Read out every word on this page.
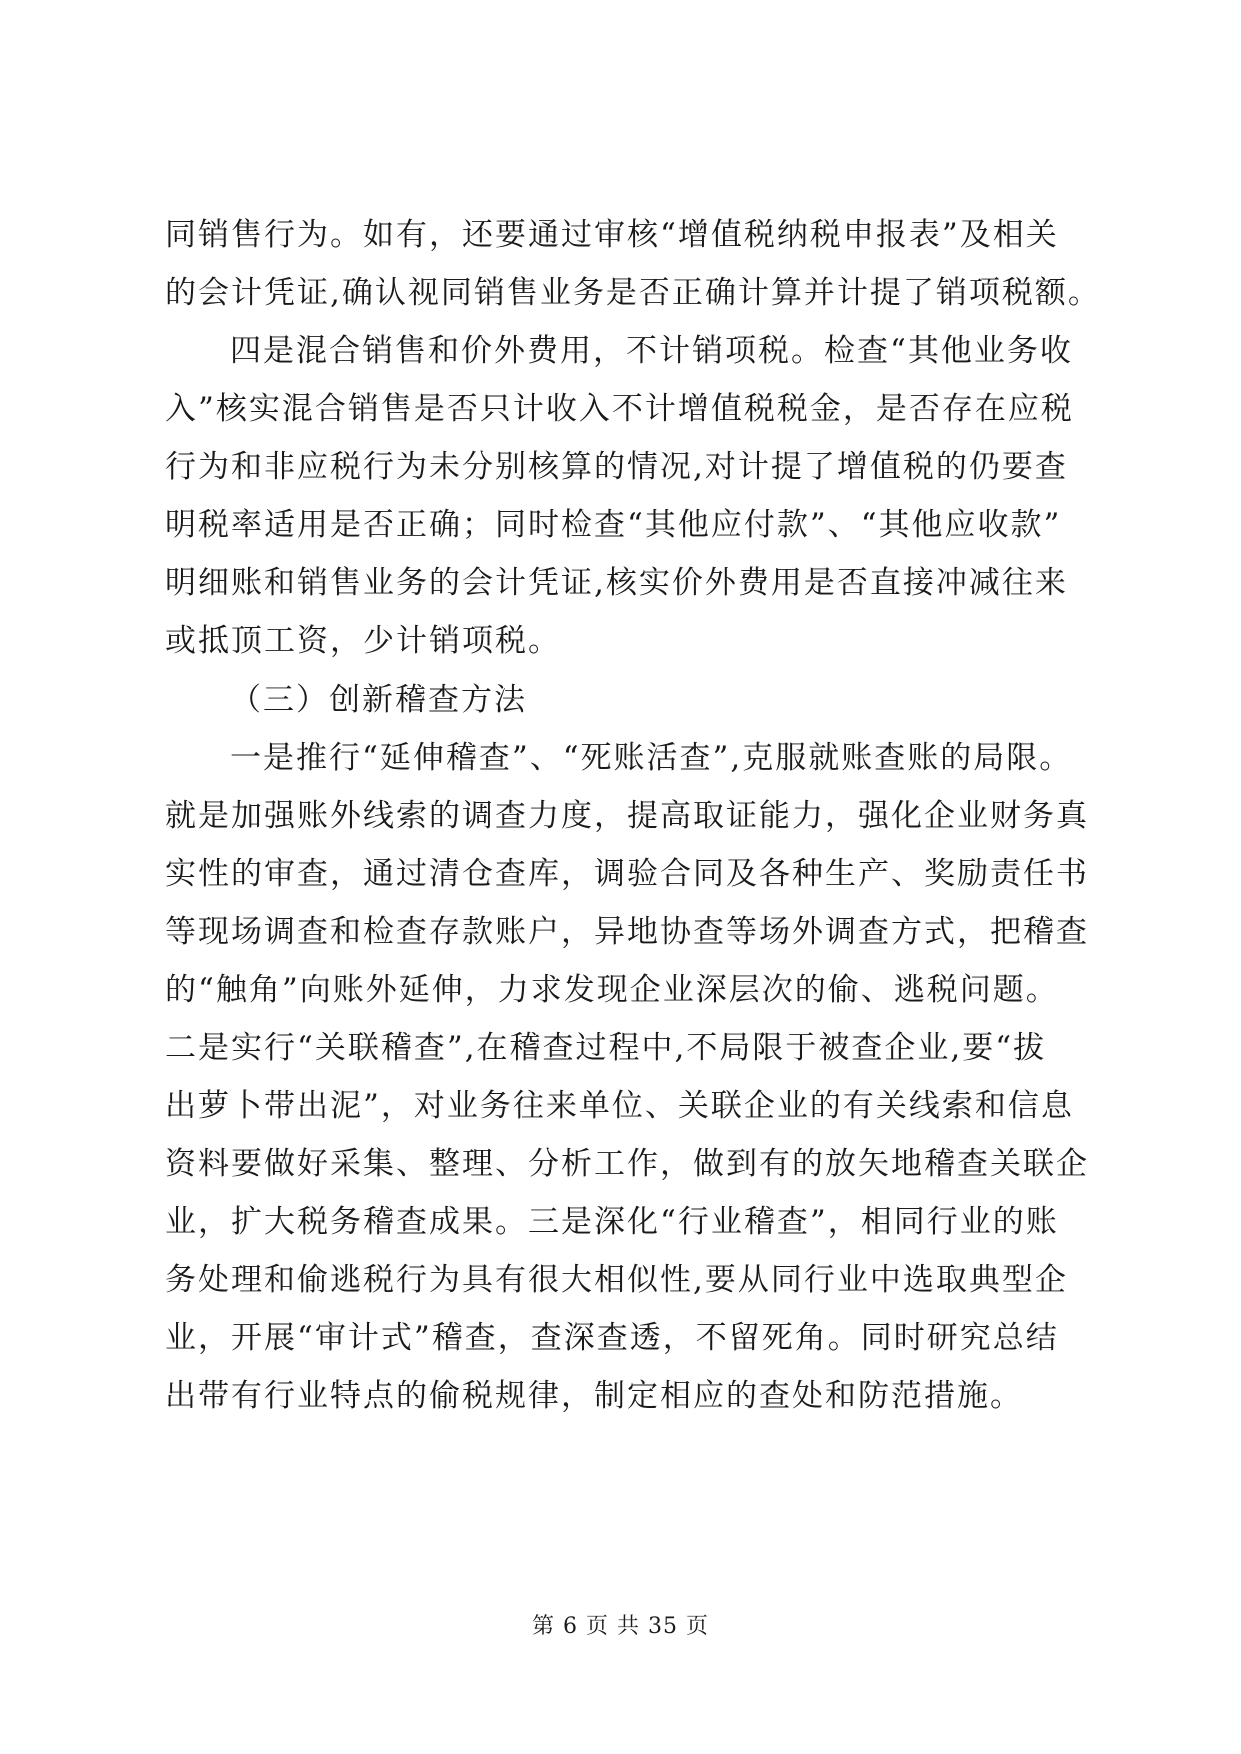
同销售行为。如有，还要通过审核“增值税纳税申报表”及相关
的会计凭证,确认视同销售业务是否正确计算并计提了销项税额。
四是混合销售和价外费用，不计销项税。检查“其他业务收
入”核实混合销售是否只计收入不计增值税税金，是否存在应税
行为和非应税行为未分别核算的情况,对计提了增值税的仍要查
明税率适用是否正确；同时检查“其他应付款”、“其他应收款”
明细账和销售业务的会计凭证,核实价外费用是否直接冲减往来
或抵顶工资，少计销项税。
（三）创新稽查方法
一是推行“延伸稽查”、“死账活查”,克服就账查账的局限。
就是加强账外线索的调查力度，提高取证能力，强化企业财务真
实性的审查，通过清仓查库，调验合同及各种生产、奖励责任书
等现场调查和检查存款账户，异地协查等场外调查方式，把稽查
的“触角”向账外延伸，力求发现企业深层次的偷、逃税问题。
二是实行“关联稽查”,在稽查过程中,不局限于被查企业,要“拔
出萝卜带出泥”，对业务往来单位、关联企业的有关线索和信息
资料要做好采集、整理、分析工作，做到有的放矢地稽查关联企
业，扩大税务稽查成果。三是深化“行业稽查”，相同行业的账
务处理和偷逃税行为具有很大相似性,要从同行业中选取典型企
业，开展“审计式”稽查，查深查透，不留死角。同时研究总结
出带有行业特点的偷税规律，制定相应的查处和防范措施。
第 6 页 共 35 页
